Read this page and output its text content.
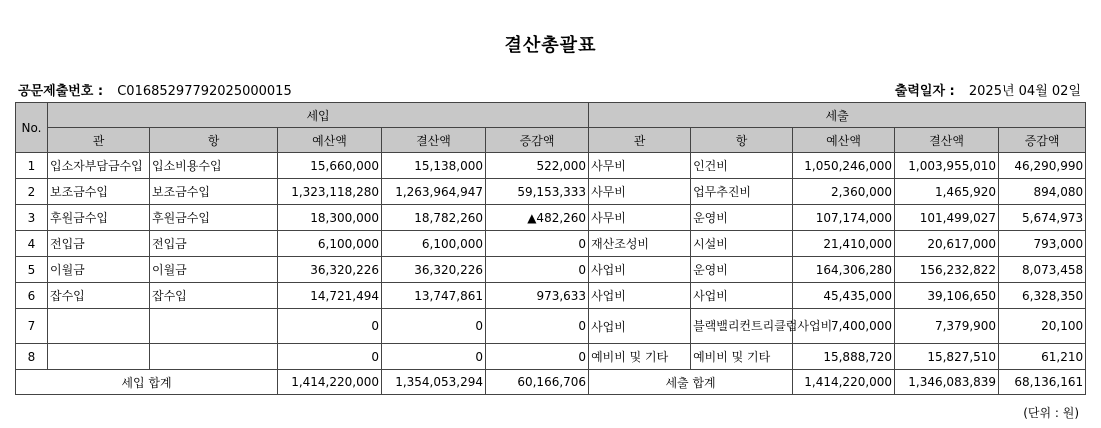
결산총괄표
공문제출번호 : C01685297792025000015	출력일자 : 2025년 04월 02일
No.	세입					세출				
	관	항	예산액	결산액	증감액	관	항	예산액	결산액	증감액
1	입소자부담금수입	입소비용수입	15,660,000	15,138,000	522,000	사무비	인건비	1,050,246,000	1,003,955,010	46,290,990
2	보조금수입	보조금수입	1,323,118,280	1,263,964,947	59,153,333	사무비	업무추진비	2,360,000	1,465,920	894,080
3	후원금수입	후원금수입	18,300,000	18,782,260	▲482,260	사무비	운영비	107,174,000	101,499,027	5,674,973
4	전입금	전입금	6,100,000	6,100,000	0	재산조성비	시설비	21,410,000	20,617,000	793,000
5	이월금	이월금	36,320,226	36,320,226	0	사업비	운영비	164,306,280	156,232,822	8,073,458
6	잡수입	잡수입	14,721,494	13,747,861	973,633	사업비	사업비	45,435,000	39,106,650	6,328,350
7			0	0	0	사업비	블랙밸리컨트리클럽사업비	7,400,000	7,379,900	20,100
8			0	0	0	예비비 및 기타	예비비 및 기타	15,888,720	15,827,510	61,210
세입 합계			1,414,220,000	1,354,053,294	60,166,706	세출 합계		1,414,220,000	1,346,083,839	68,136,161
(단위 : 원)
